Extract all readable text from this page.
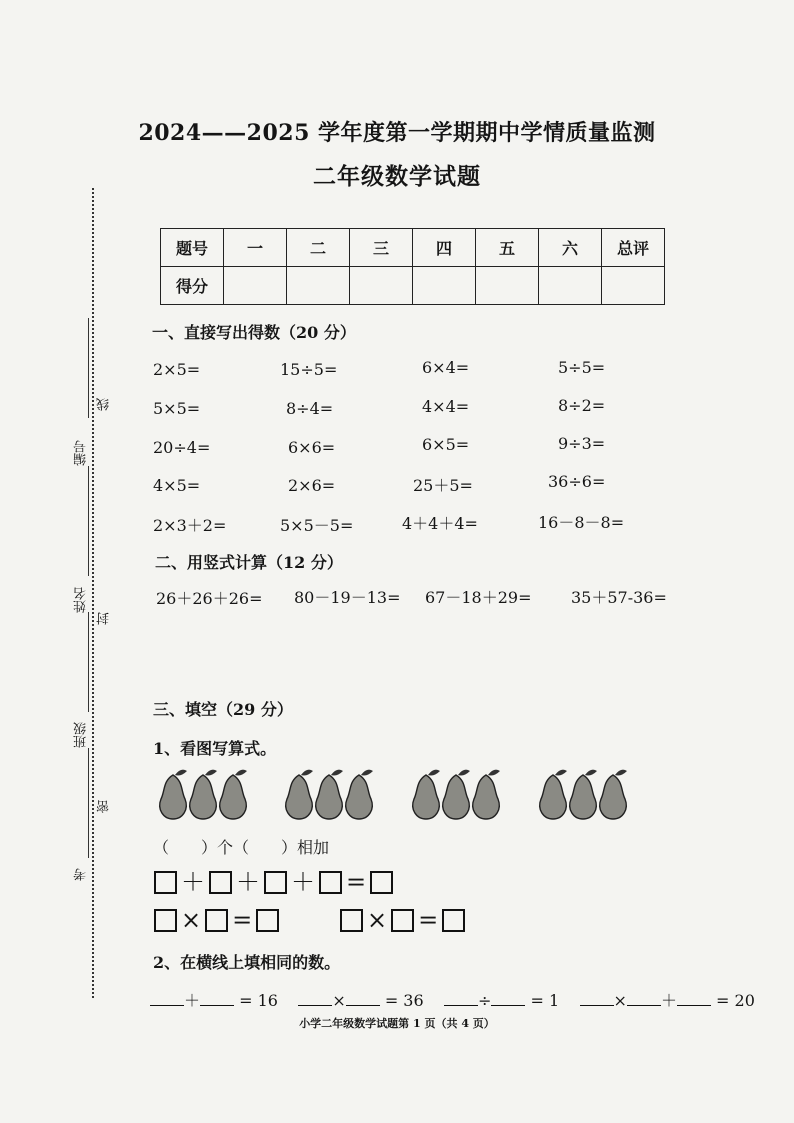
2024——2025 学年度第一学期期中学情质量监测
二年级数学试题
编号
姓名
班级
考
线
封
密
题号	一	二	三	四	五	六	总评
得分							
一、直接写出得数（20 分）
2×5=	15÷5=	6×4=	5÷5=
5×5=	8÷4=	4×4=	8÷2=
20÷4=	6×6=	6×5=	9÷3=
4×5=	2×6=	25＋5=	36÷6=
2×3＋2=	5×5－5=	4＋4＋4=	16－8－8=
二、用竖式计算（12 分）
26＋26＋26= 80－19－13= 67－18＋29= 35＋57-36=
三、填空（29 分）
1、看图写算式。
（　　）个（　　）相加
＋ ＋ ＋ =
× =	× =
2、在横线上填相同的数。
＋ = 16	× = 36	÷ = 1	× ＋ = 20
小学二年级数学试题第 1 页（共 4 页）
